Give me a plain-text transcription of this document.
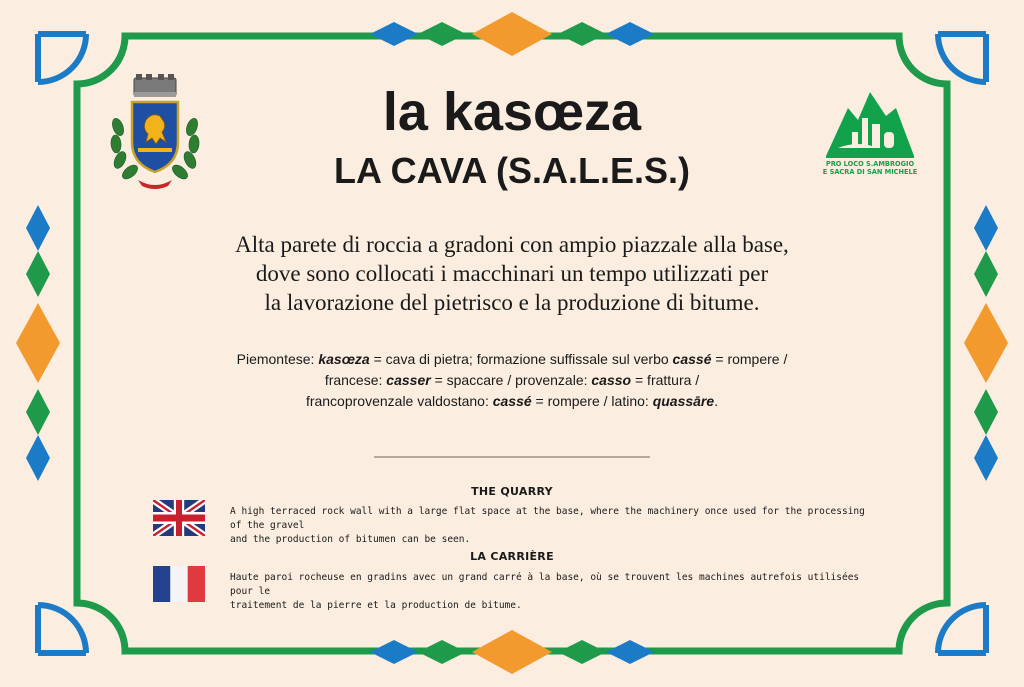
PRO LOCO S.AMBROGIO
E SACRA DI SAN MICHELE
la kasœza
LA CAVA (S.A.L.E.S.)
Alta parete di roccia a gradoni con ampio piazzale alla base,
dove sono collocati i macchinari un tempo utilizzati per
la lavorazione del pietrisco e la produzione di bitume.
Piemontese: kasœza = cava di pietra; formazione suffissale sul verbo cassé = rompere /
francese: casser = spaccare / provenzale: casso = frattura /
francoprovenzale valdostano: cassé = rompere / latino: quassāre.
THE QUARRY
A high terraced rock wall with a large flat space at the base, where the machinery once used for the processing of the gravel
and the production of bitumen can be seen.
LA CARRIÈRE
Haute paroi rocheuse en gradins avec un grand carré à la base, où se trouvent les machines autrefois utilisées pour le
traitement de la pierre et la production de bitume.
